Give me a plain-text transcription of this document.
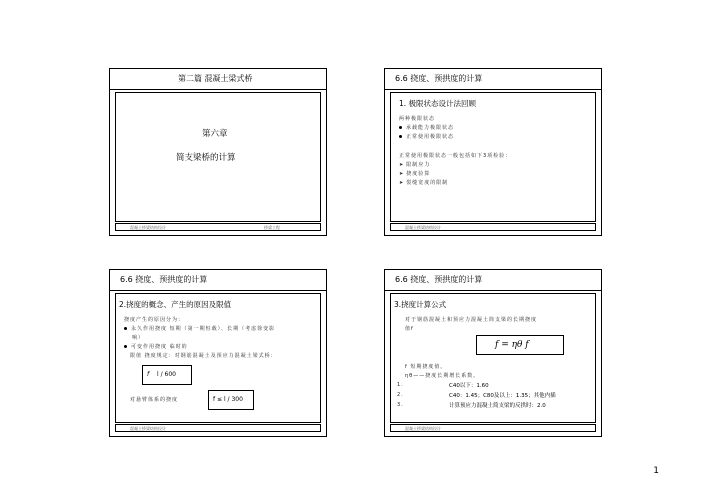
第二篇 混凝土梁式桥
第六章
简支梁桥的计算
混凝土桥梁结构设计	桥梁工程
6.6 挠度、预拱度的计算
1. 极限状态设计法回顾
两种极限状态
承载能力极限状态
正常使用极限状态
正常使用极限状态一般包括如下3项检验：
➤ 限制应力
➤ 挠度验算
➤ 裂缝宽度的限制
混凝土桥梁结构设计
6.6 挠度、预拱度的计算
2.挠度的概念、产生的原因及限值
挠度产生的原因分为：
永久作用挠度 短期（第一期恒载）、长期（考虑徐变影
响）
可变作用挠度 临时的
限值 挠度规定：对钢筋混凝土及预应力混凝土梁式桥：
f l / 600
对悬臂体系的挠度	f ≤ l / 300
混凝土桥梁结构设计
6.6 挠度、预拱度的计算
3.挠度计算公式
对于钢筋混凝土和预应力混凝土简支梁的长期挠度
值f
f = ηθ f
f 短期挠度值。
ηθ——挠度长期增长系数。
1.	C40以下：1.60
2.	C40：1.45；C80及以上：1.35；其他内插
3.	计算预应力混凝土简支梁的反拱时：2.0
混凝土桥梁结构设计
1
